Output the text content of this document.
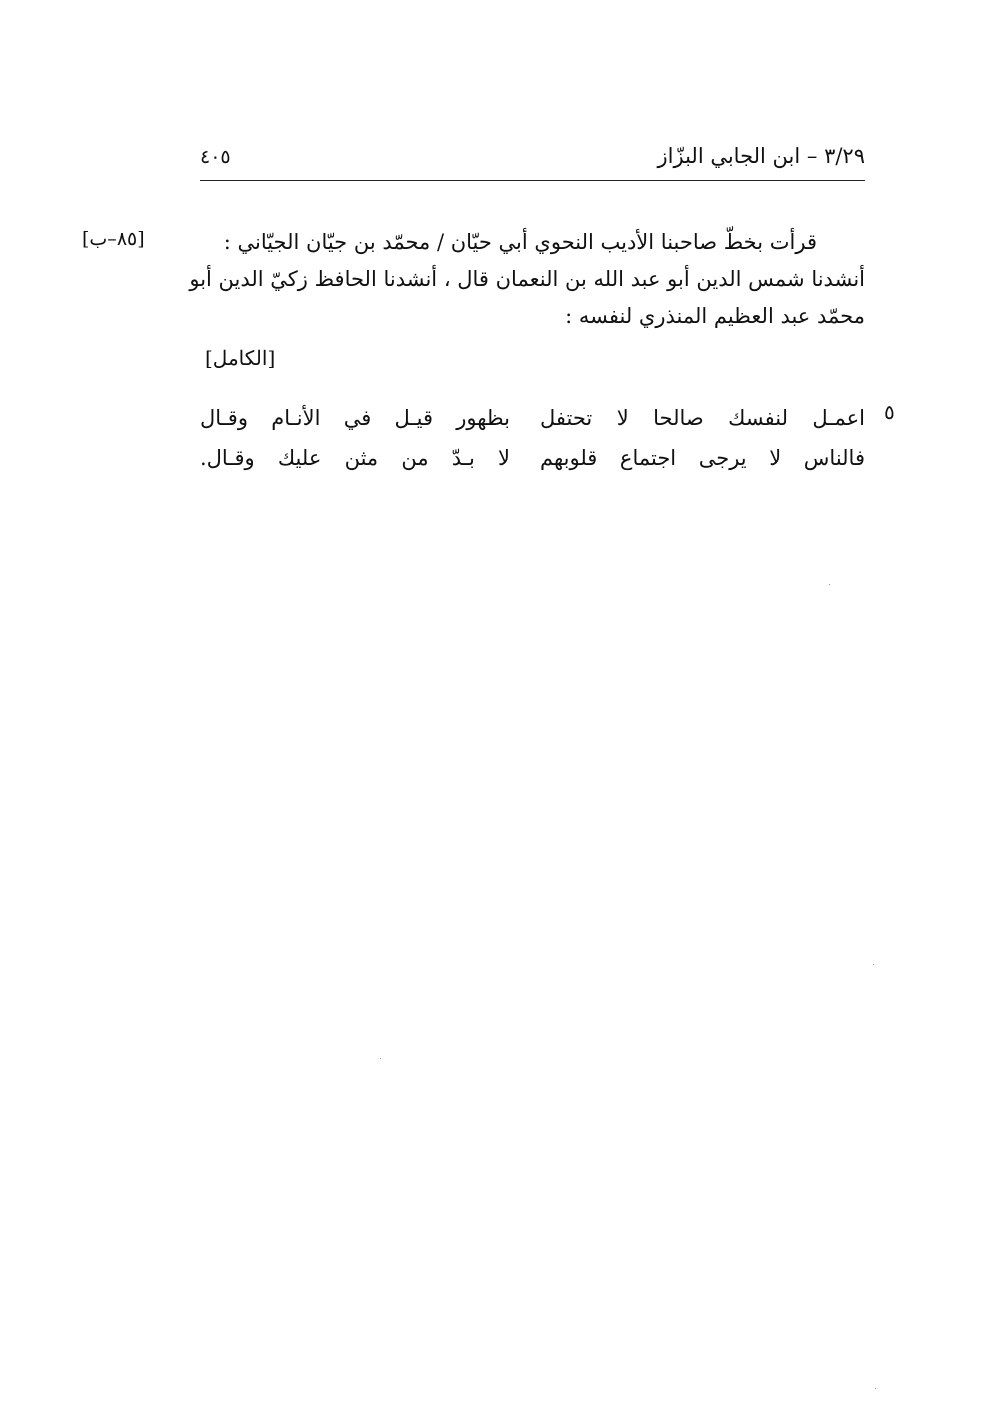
٣/٢٩ – ابن الجابي البزّاز
٤٠٥
[٨٥–ب]	قرأت بخطّ صاحبنا الأديب النحوي أبي حيّان / محمّد بن جيّان الجيّاني :
أنشدنا شمس الدين أبو عبد الله بن النعمان قال ، أنشدنا الحافظ زكيّ الدين أبو
محمّد عبد العظيم المنذري لنفسه :
[الكامل]
٥
اعمـل لنفسك صالحا لا تحتفل
بظهور قيـل في الأنـام وقـال
فالناس لا يرجى اجتماع قلوبهم
لا بـدّ من مثن عليك وقـال.
